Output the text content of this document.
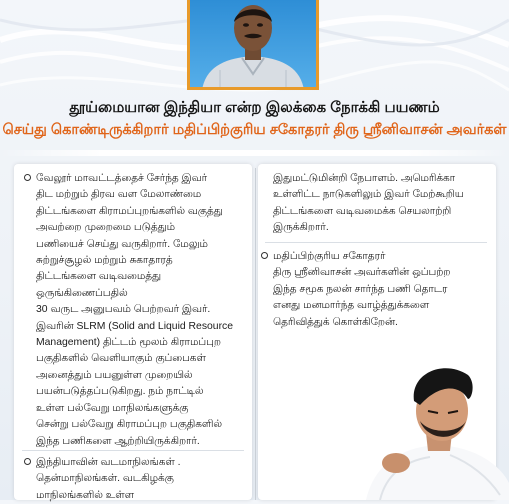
தூய்மையான இந்தியா என்ற இலக்கை நோக்கி பயணம்
செய்து கொண்டிருக்கிறார் மதிப்பிற்குரிய சகோதரர் திரு ஸ்ரீனிவாசன் அவர்கள்
வேலூர் மாவட்டத்தைச் சேர்ந்த இவர்
திட மற்றும் திரவ வள மேலாண்மை
திட்டங்களை கிராமப்புறங்களில் வகுத்து
அவற்றை முறைமை படுத்தும்
பணியைச் செய்து வருகிறார். மேலும்
சுற்றுச்சூழல் மற்றும் சுகாதாரத்
திட்டங்களை வடிவமைத்து
ஒருங்கிணைப்பதில்
30 வருட அனுபவம் பெற்றவர் இவர்.
இவரின் SLRM (Solid and Liquid Resource
Management) திட்டம் மூலம் கிராமப்புற
பகுதிகளில் வெளியாகும் குப்பைகள்
அனைத்தும் பயனுள்ள முறையில்
பயன்படுத்தப்படுகிறது. நம் நாட்டில்
உள்ள பல்வேறு மாநிலங்களுக்கு
சென்று பல்வேறு கிராமப்புற பகுதிகளில்
இந்த பணிகளை ஆற்றியிருக்கிறார்.
இந்தியாவின் வடமாநிலங்கள் .
தென்மாநிலங்கள். வடகிழக்கு
மாநிலங்களில் உள்ள
இதுமட்டுமின்றி நேபாளம். அமெரிக்கா
உள்ளிட்ட நாடுகளிலும் இவர் மேற்கூறிய
திட்டங்களை வடிவமைக்க செயலாற்றி
இருக்கிறார்.
மதிப்பிற்குரிய சகோதரர்
திரு ஸ்ரீனிவாசன் அவர்களின் ஒப்பற்ற
இந்த சமூக நலன் சார்ந்த பணி தொடர
எனது மனமார்ந்த வாழ்த்துக்களை
தெரிவித்துக் கொள்கிறேன்.
